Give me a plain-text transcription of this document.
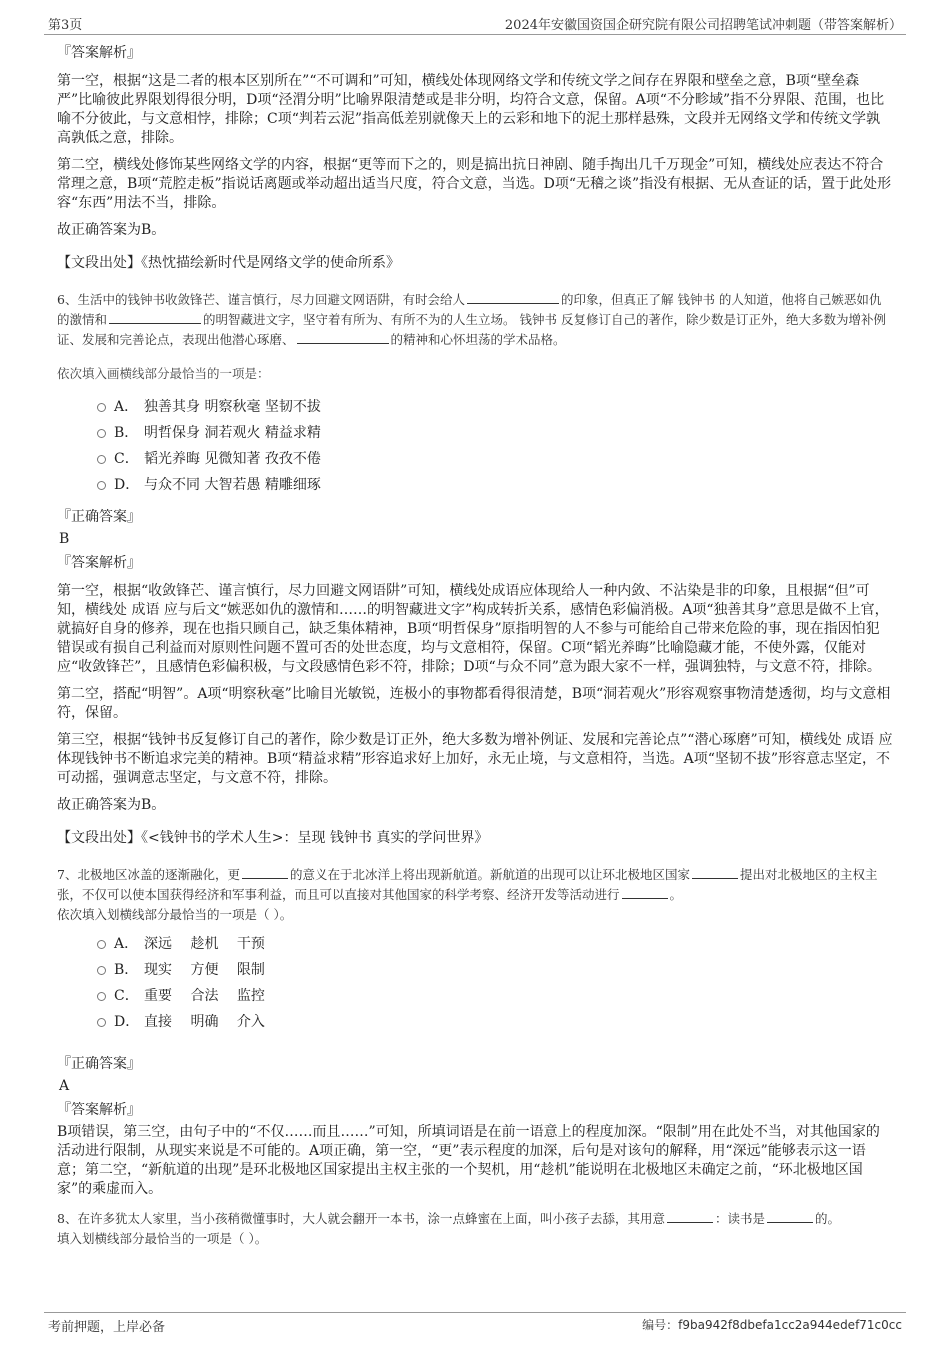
第3页	2024年安徽国资国企研究院有限公司招聘笔试冲刺题（带答案解析）
『答案解析』

第一空，根据“这是二者的根本区别所在”“不可调和”可知，横线处体现网络文学和传统文学之间存在界限和壁垒之意，B项“壁垒森严”比喻彼此界限划得很分明，D项“泾渭分明”比喻界限清楚或是非分明，均符合文意，保留。A项“不分畛域”指不分界限、范围，也比喻不分彼此，与文意相悖，排除；C项“判若云泥”指高低差别就像天上的云彩和地下的泥土那样悬殊，文段并无网络文学和传统文学孰高孰低之意，排除。

第二空，横线处修饰某些网络文学的内容，根据“更等而下之的，则是搞出抗日神剧、随手掏出几千万现金”可知，横线处应表达不符合常理之意，B项“荒腔走板”指说话离题或举动超出适当尺度，符合文意，当选。D项“无稽之谈”指没有根据、无从查证的话，置于此处形容“东西”用法不当，排除。

故正确答案为B。

【文段出处】《热忱描绘新时代是网络文学的使命所系》

6、生活中的钱钟书收敛锋芒、谨言慎行，尽力回避文网语阱，有时会给人	的印象，但真正了解 钱钟书 的人知道，他将自己嫉恶如仇的激情和	的明智藏进文字，坚守着有所为、有所不为的人生立场。 钱钟书 反复修订自己的著作，除少数是订正外，绝大多数为增补例证、发展和完善论点，表现出他潜心琢磨、	的精神和心怀坦荡的学术品格。

依次填入画横线部分最恰当的一项是：

A． 独善其身 明察秋毫 坚韧不拔
B． 明哲保身 洞若观火 精益求精
C． 韬光养晦 见微知著 孜孜不倦
D． 与众不同 大智若愚 精雕细琢
『正确答案』
B
『答案解析』

第一空，根据“收敛锋芒、谨言慎行，尽力回避文网语阱”可知，横线处成语应体现给人一种内敛、不沾染是非的印象，且根据“但”可知，横线处 成语 应与后文“嫉恶如仇的激情和……的明智藏进文字”构成转折关系，感情色彩偏消极。A项“独善其身”意思是做不上官，就搞好自身的修养，现在也指只顾自己，缺乏集体精神，B项“明哲保身”原指明智的人不参与可能给自己带来危险的事，现在指因怕犯错误或有损自己利益而对原则性问题不置可否的处世态度，均与文意相符，保留。C项“韬光养晦”比喻隐藏才能，不使外露，仅能对应“收敛锋芒”，且感情色彩偏积极，与文段感情色彩不符，排除；D项“与众不同”意为跟大家不一样，强调独特，与文意不符，排除。

第二空，搭配“明智”。A项“明察秋毫”比喻目光敏锐，连极小的事物都看得很清楚，B项“洞若观火”形容观察事物清楚透彻，均与文意相符，保留。

第三空，根据“钱钟书反复修订自己的著作，除少数是订正外，绝大多数为增补例证、发展和完善论点”“潜心琢磨”可知，横线处 成语 应体现钱钟书不断追求完美的精神。B项“精益求精”形容追求好上加好，永无止境，与文意相符，当选。A项“坚韧不拔”形容意志坚定，不可动摇，强调意志坚定，与文意不符，排除。

故正确答案为B。

【文段出处】《<钱钟书的学术人生>：呈现 钱钟书 真实的学问世界》

7、北极地区冰盖的逐渐融化，更	的意义在于北冰洋上将出现新航道。新航道的出现可以让环北极地区国家	提出对北极地区的主权主张，不仅可以使本国获得经济和军事利益，而且可以直接对其他国家的科学考察、经济开发等活动进行	。

依次填入划横线部分最恰当的一项是（ ）。

A． 深远　 趁机　 干预
B． 现实　 方便　 限制
C． 重要　 合法　 监控
D． 直接　 明确　 介入
『正确答案』
A
『答案解析』

B项错误，第三空，由句子中的“不仅……而且……”可知，所填词语是在前一语意上的程度加深。“限制”用在此处不当，对其他国家的活动进行限制，从现实来说是不可能的。A项正确，第一空，“更”表示程度的加深，后句是对该句的解释，用“深远”能够表示这一语意；第二空，“新航道的出现”是环北极地区国家提出主权主张的一个契机，用“趁机”能说明在北极地区未确定之前，“环北极地区国家”的乘虚而入。

8、在许多犹太人家里，当小孩稍微懂事时，大人就会翻开一本书，涂一点蜂蜜在上面，叫小孩子去舔，其用意	：读书是	的。

填入划横线部分最恰当的一项是（ ）。

考前押题，上岸必备	编号：f9ba942f8dbefa1cc2a944edef71c0cc
